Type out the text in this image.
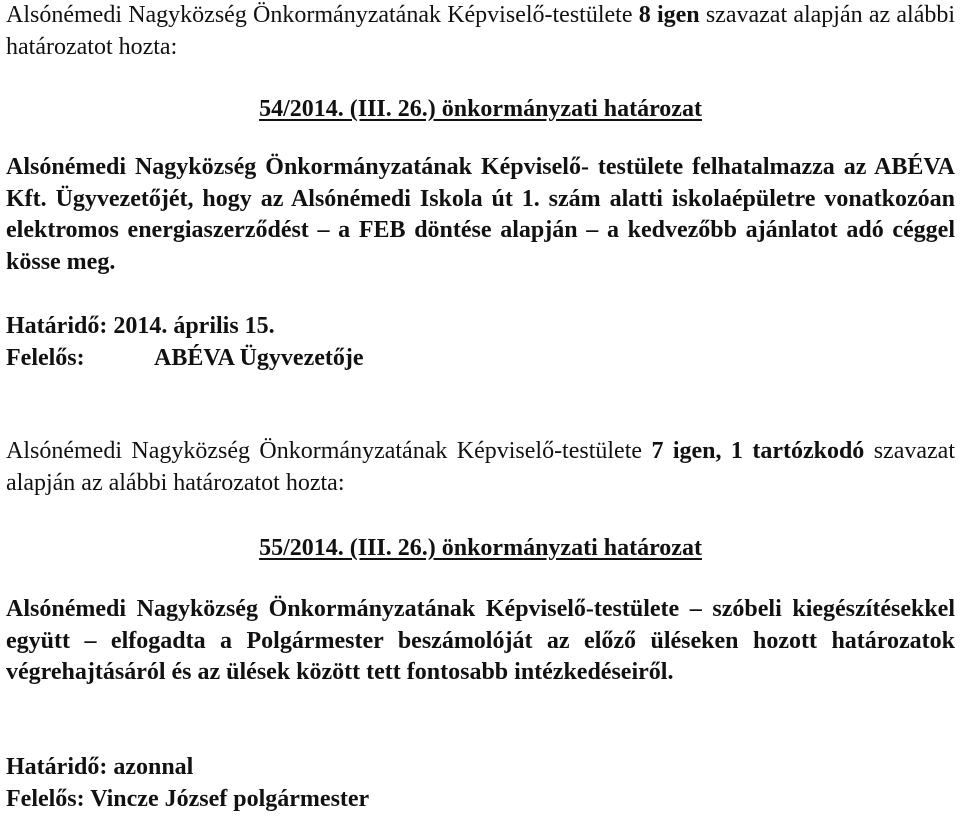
Alsónémedi Nagyközség Önkormányzatának Képviselő-testülete 8 igen szavazat alapján az alábbi határozatot hozta:

54/2014. (III. 26.) önkormányzati határozat

Alsónémedi Nagyközség Önkormányzatának Képviselő- testülete felhatalmazza az ABÉVA Kft. Ügyvezetőjét, hogy az Alsónémedi Iskola út 1. szám alatti iskolaépületre vonatkozóan elektromos energiaszerződést – a FEB döntése alapján – a kedvezőbb ajánlatot adó céggel kösse meg.

Határidő: 2014. április 15.

Felelős:	ABÉVA Ügyvezetője

Alsónémedi Nagyközség Önkormányzatának Képviselő-testülete 7 igen, 1 tartózkodó szavazat alapján az alábbi határozatot hozta:

55/2014. (III. 26.) önkormányzati határozat

Alsónémedi Nagyközség Önkormányzatának Képviselő-testülete – szóbeli kiegészítésekkel együtt – elfogadta a Polgármester beszámolóját az előző üléseken hozott határozatok végrehajtásáról és az ülések között tett fontosabb intézkedéseiről.

Határidő: azonnal

Felelős: Vincze József polgármester
